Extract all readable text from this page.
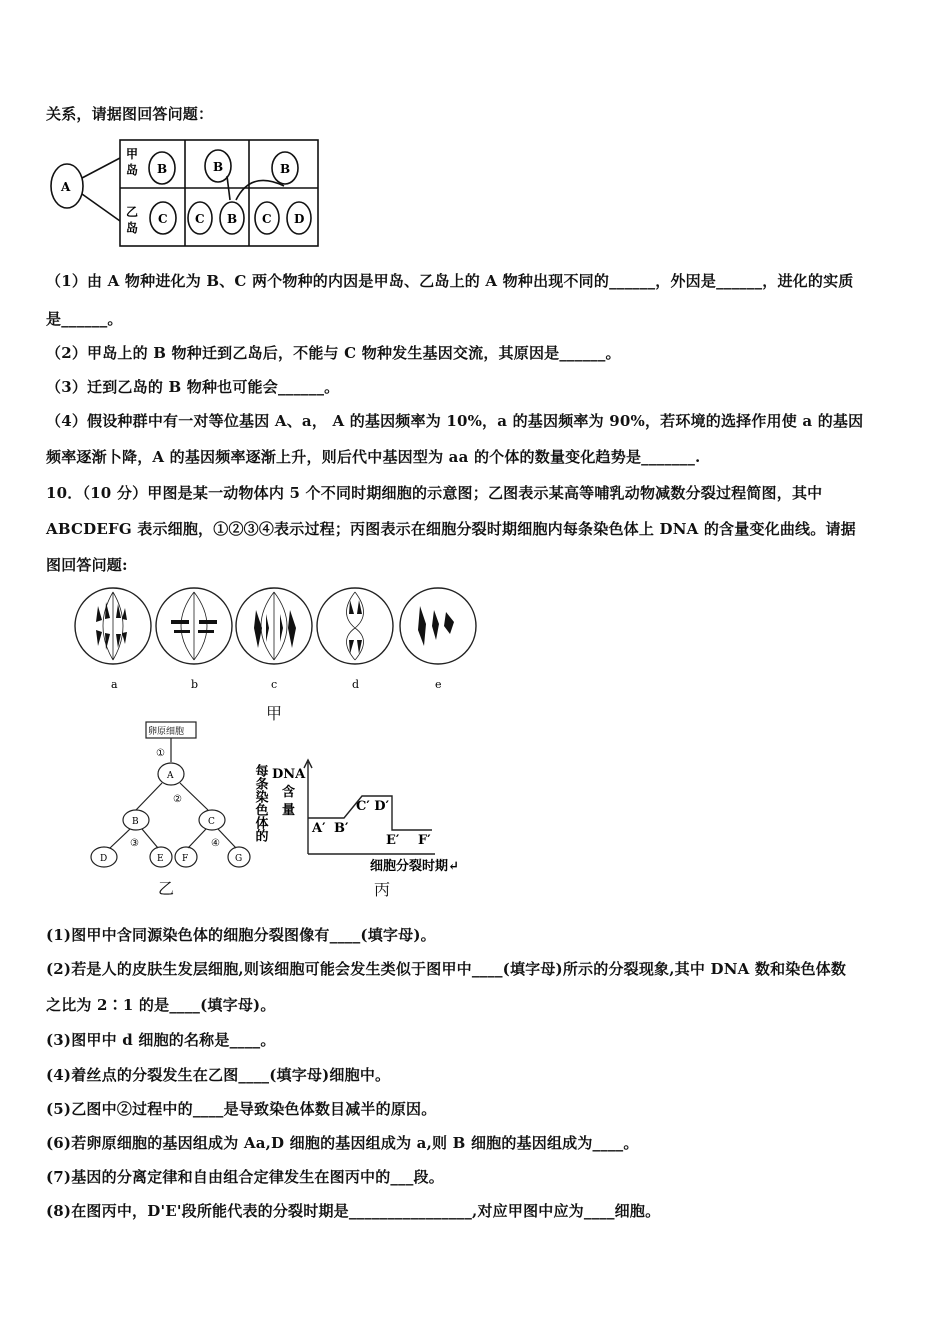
关系，请据图回答问题：
A
甲
岛
乙
岛
B	B	B
C C B C D
（1）由 A 物种进化为 B、C 两个物种的内因是甲岛、乙岛上的 A 物种出现不同的______，外因是______，进化的实质
是______。
（2）甲岛上的 B 物种迁到乙岛后，不能与 C 物种发生基因交流，其原因是______。
（3）迁到乙岛的 B 物种也可能会______。
（4）假设种群中有一对等位基因 A、a， A 的基因频率为 10%，a 的基因频率为 90%，若环境的选择作用使 a 的基因
频率逐渐卜降，A 的基因频率逐渐上升，则后代中基因型为 aa 的个体的数量变化趋势是_______.
10．（10 分）甲图是某一动物体内 5 个不同时期细胞的示意图；乙图表示某高等哺乳动物减数分裂过程简图，其中
ABCDEFG 表示细胞，①②③④表示过程；丙图表示在细胞分裂时期细胞内每条染色体上 DNA 的含量变化曲线。请据
图回答问题:
a	b	c	d	e
甲
卵原细胞
①
A
②
B	C
③	④
D	E F	G
乙
每条染色体的 DNA
含
量
A′ B′
C′ D′
E′ F′
细胞分裂时期↵
丙
(1)图甲中含同源染色体的细胞分裂图像有____(填字母)。
(2)若是人的皮肤生发层细胞,则该细胞可能会发生类似于图甲中____(填字母)所示的分裂现象,其中 DNA 数和染色体数
之比为 2∶1 的是____(填字母)。
(3)图甲中 d 细胞的名称是____。
(4)着丝点的分裂发生在乙图____(填字母)细胞中。
(5)乙图中②过程中的____是导致染色体数目减半的原因。
(6)若卵原细胞的基因组成为 Aa,D 细胞的基因组成为 a,则 B 细胞的基因组成为____。
(7)基因的分离定律和自由组合定律发生在图丙中的___段。
(8)在图丙中，D'E'段所能代表的分裂时期是________________,对应甲图中应为____细胞。
